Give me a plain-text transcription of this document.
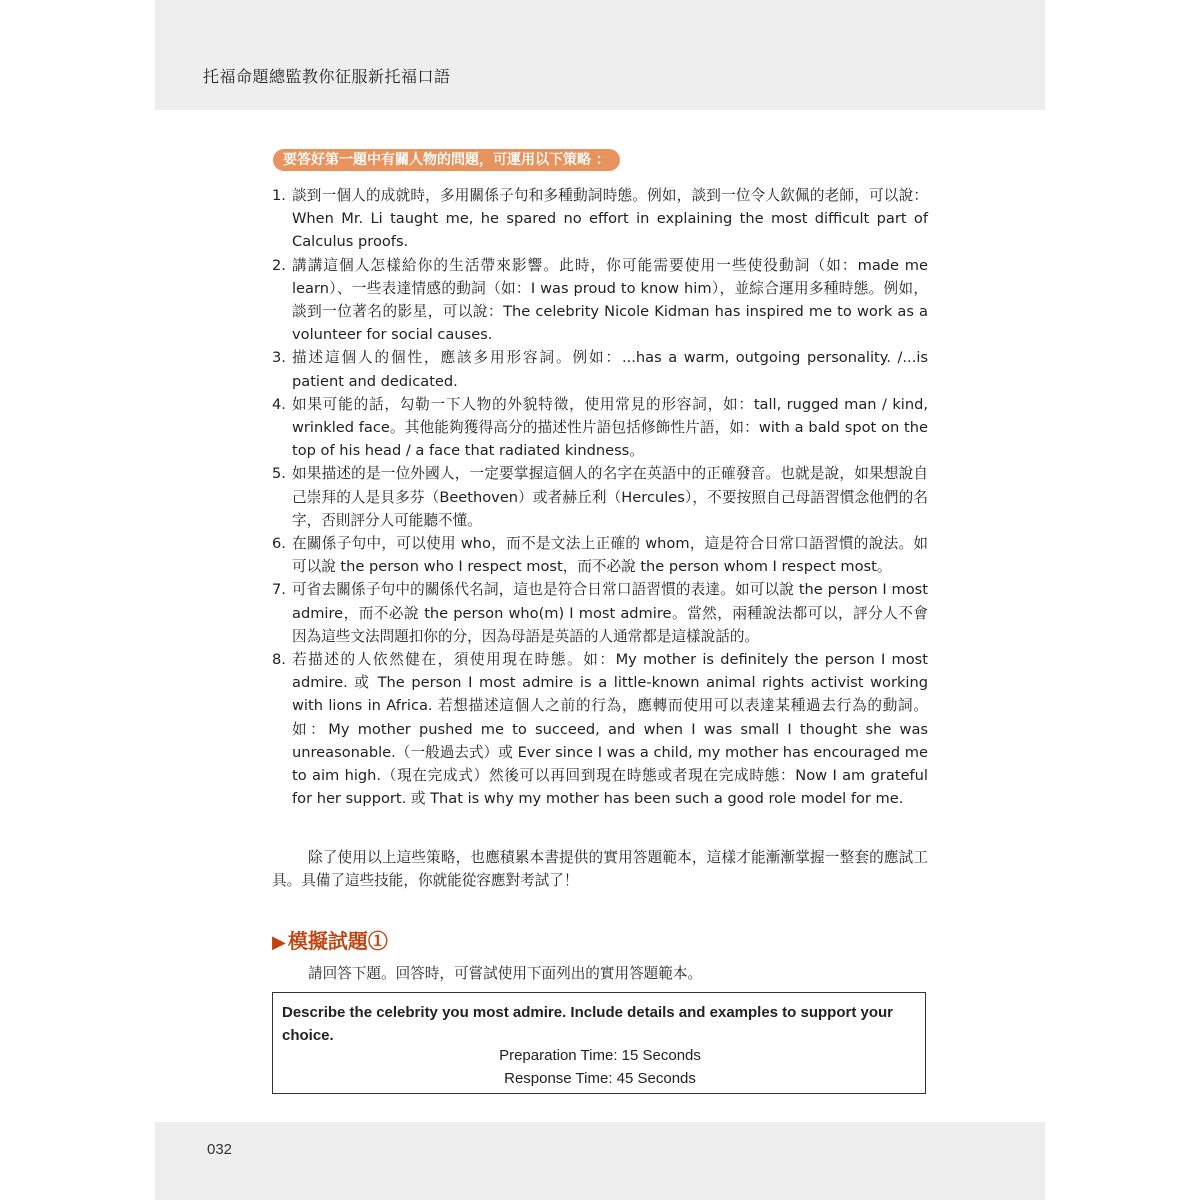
托福命題總監教你征服新托福口語
要答好第一題中有關人物的問題，可運用以下策略 ：
1. 談到一個人的成就時，多用關係子句和多種動詞時態。例如，談到一位令人欽佩的老師，可以說：When Mr. Li taught me, he spared no effort in explaining the most difficult part of Calculus proofs.
2. 講講這個人怎樣給你的生活帶來影響。此時，你可能需要使用一些使役動詞（如：made me learn）、一些表達情感的動詞（如：I was proud to know him），並綜合運用多種時態。例如，談到一位著名的影星，可以說：The celebrity Nicole Kidman has inspired me to work as a volunteer for social causes.
3. 描述這個人的個性，應該多用形容詞。例如：...has a warm, outgoing personality. /...is patient and dedicated.
4. 如果可能的話，勾勒一下人物的外貌特徵，使用常見的形容詞，如：tall, rugged man / kind, wrinkled face。其他能夠獲得高分的描述性片語包括修飾性片語，如：with a bald spot on the top of his head / a face that radiated kindness。
5. 如果描述的是一位外國人，一定要掌握這個人的名字在英語中的正確發音。也就是說，如果想說自己崇拜的人是貝多芬（Beethoven）或者赫丘利（Hercules），不要按照自己母語習慣念他們的名字，否則評分人可能聽不懂。
6. 在關係子句中，可以使用 who，而不是文法上正確的 whom，這是符合日常口語習慣的說法。如可以說 the person who I respect most，而不必說 the person whom I respect most。
7. 可省去關係子句中的關係代名詞，這也是符合日常口語習慣的表達。如可以說 the person I most admire，而不必說 the person who(m) I most admire。當然，兩種說法都可以，評分人不會因為這些文法問題扣你的分，因為母語是英語的人通常都是這樣說話的。
8. 若描述的人依然健在，須使用現在時態。如：My mother is definitely the person I most admire. 或 The person I most admire is a little-known animal rights activist working with lions in Africa. 若想描述這個人之前的行為，應轉而使用可以表達某種過去行為的動詞。如：My mother pushed me to succeed, and when I was small I thought she was unreasonable.（一般過去式）或 Ever since I was a child, my mother has encouraged me to aim high.（現在完成式）然後可以再回到現在時態或者現在完成時態：Now I am grateful for her support. 或 That is why my mother has been such a good role model for me.

除了使用以上這些策略，也應積累本書提供的實用答題範本，這樣才能漸漸掌握一整套的應試工具。具備了這些技能，你就能從容應對考試了！

▶ 模擬試題①
請回答下題。回答時，可嘗試使用下面列出的實用答題範本。

Describe the celebrity you most admire. Include details and examples to support your choice.

Preparation Time: 15 Seconds
Response Time: 45 Seconds
032
